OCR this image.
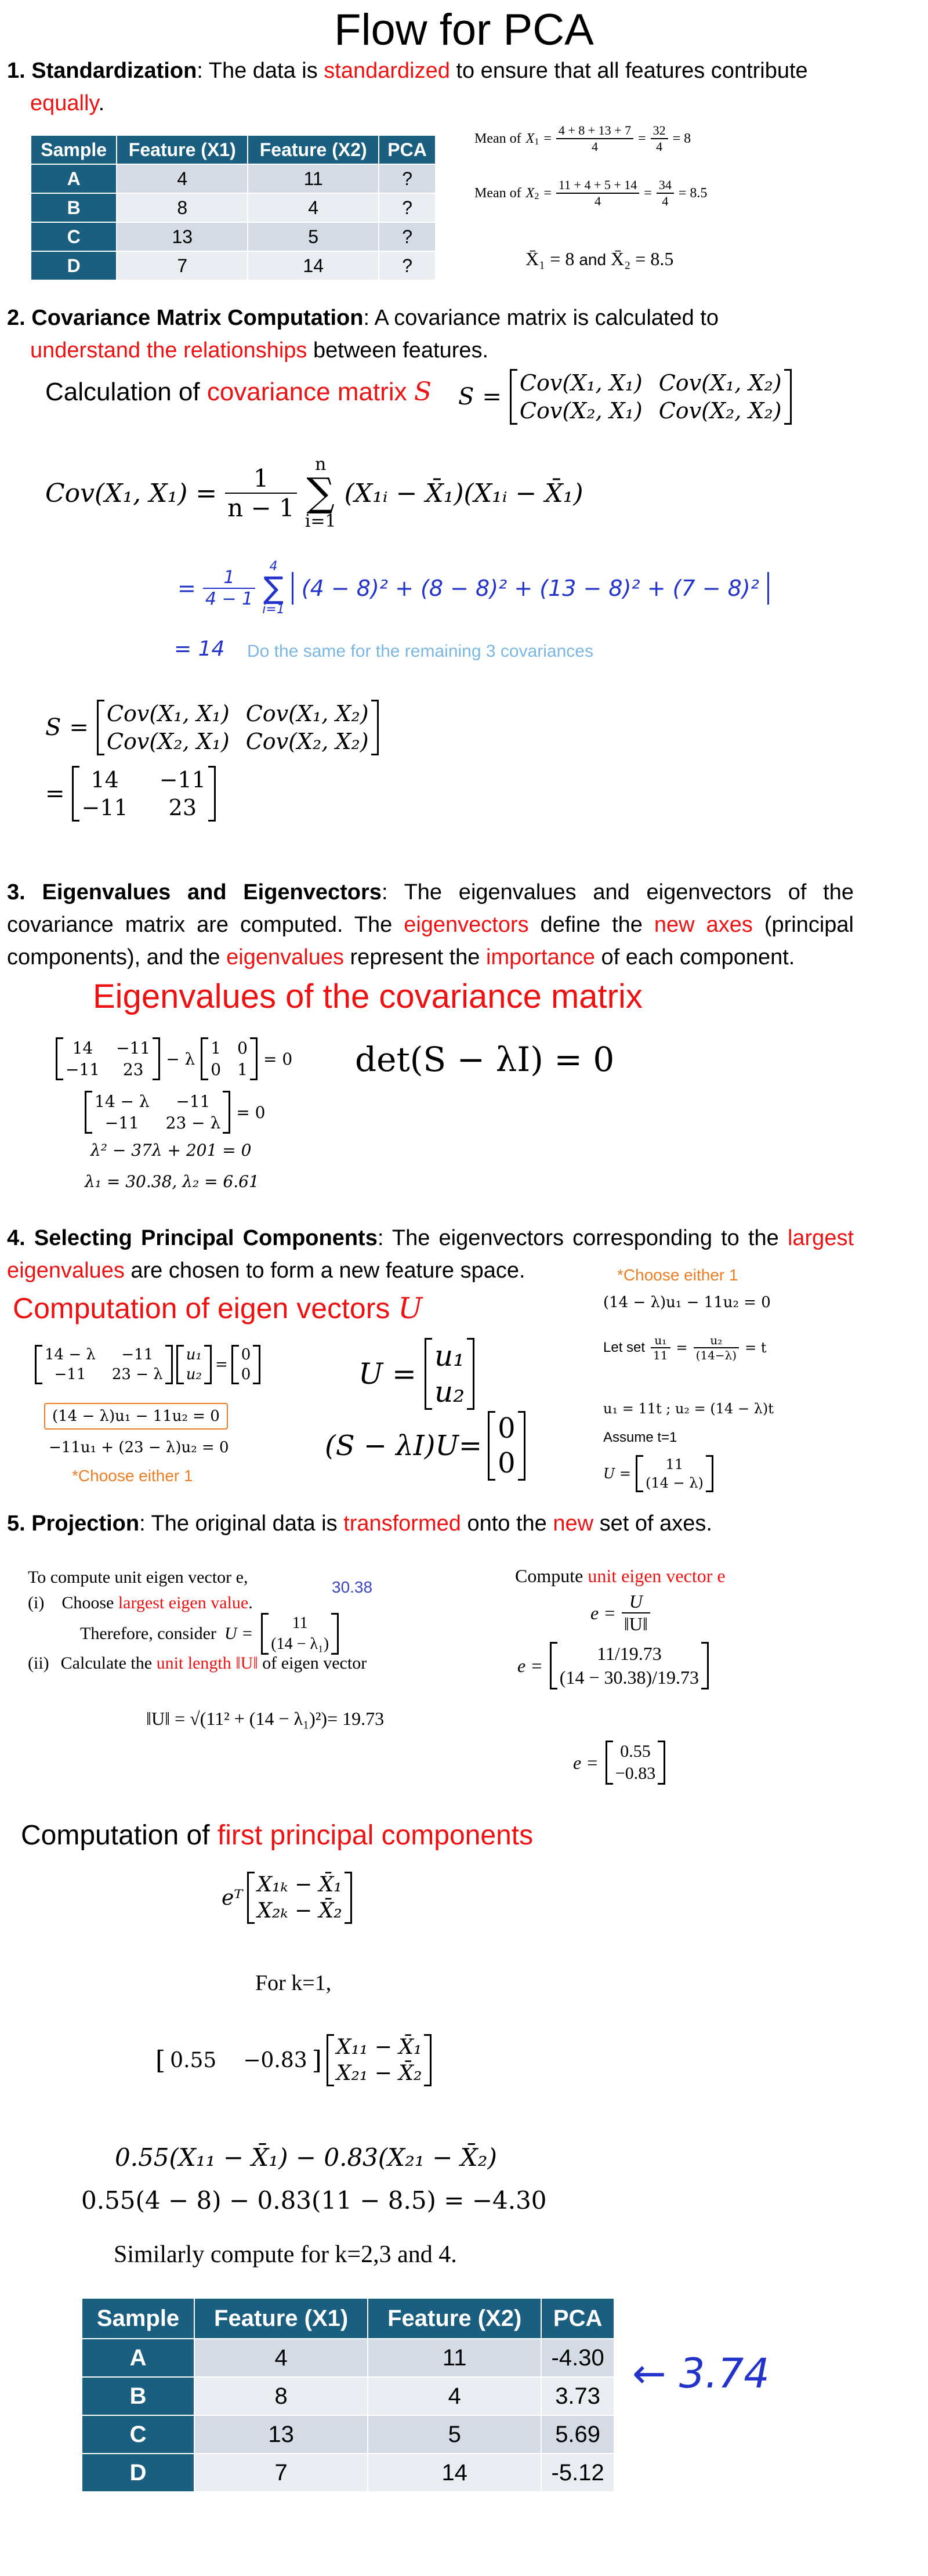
Flow for PCA
1. Standardization: The data is standardized to ensure that all features contribute
equally.
Sample	Feature (X1)	Feature (X2)	PCA
A	4	11	?
B	8	4	?
C	13	5	?
D	7	14	?
Mean of X $1 = \frac{4 + 8 + 13 + 7}{4} = \frac{32}{4} = 8$
Mean of X $2 = \frac{11 + 4 + 5 + 14}{4} = \frac{34}{4} = 8.5$
X̄₁ = 8 and X̄₂ = 8.5
2. Covariance Matrix Computation: A covariance matrix is calculated to
understand the relationships between features.
Calculation of covariance matrix S S =
Cov(X₁, X₁)	Cov(X₁, X₂)
Cov(X₂, X₁)	Cov(X₂, X₂)
Cov(X₁, $X_1) = \frac{1}{n - 1}$ n
∑
i=1
(X₁ᵢ − X̄₁)(X₁ᵢ − X̄₁)
= $\frac{1}{4 - 1}$
4
∑
i=1
(4 − 8)² + (8 − 8)² + (13 − 8)² + (7 − 8)²
= 14 Do the same for the remaining 3 covariances
S =
Cov(X₁, X₁)	Cov(X₁, X₂)
Cov(X₂, X₁)	Cov(X₂, X₂)
=
14	−11
−11	23
3. Eigenvalues and Eigenvectors: The eigenvalues and eigenvectors of the covariance matrix are computed. The eigenvectors define the new axes (principal components), and the eigenvalues represent the importance of each component.
Eigenvalues of the covariance matrix
14	−11
−11	23
− λ
1	0
0	1
= 0
14 − λ	−11
−11	23 − λ
= 0
λ² − 37λ + 201 = 0
λ₁ = 30.38, λ₂ = 6.61
det(S − λI) = 0
4. Selecting Principal Components: The eigenvectors corresponding to the largest eigenvalues are chosen to form a new feature space.
Computation of eigen vectors U
14 − λ	−11
−11	23 − λ
u₁
u₂
=
0
0
(14 − λ)u₁ − 11u₂ = 0
−11u₁ + (23 − λ)u₂ = 0
*Choose either 1
U =
u₁
u₂
(S − λI)U=
0
0
*Choose either 1
(14 − λ)u₁ − 11u₂ = 0
Let set $\frac{\text{u₁}}{11} = \frac{\text{u₂}}{(14-\lambda)} = t$
u₁ = 11t ; u₂ = (14 − λ)t
Assume t=1
U =
11
(14 − λ)
5. Projection: The original data is transformed onto the new set of axes.
To compute unit eigen vector e,
(i) Choose largest eigen value.
30.38
Therefore, consider U =
11
(14 − λ₁)
(ii) Calculate the unit length ‖U‖ of eigen vector
‖U‖ = √(11² + (14 − λ₁)²)= 19.73
Compute unit eigen vector e
$e = \frac{U}{‖U‖}$
e =
11/19.73
(14 − 30.38)/19.73
e =
0.55
−0.83
Computation of first principal components
eᵀ
X₁ₖ − X̄₁
X₂ₖ − X̄₂
For k=1,
[ 0.55 −0.83 ] X₁₁ − X̄₁
X₂₁ − X̄₂
0.55(X₁₁ − X̄₁) − 0.83(X₂₁ − X̄₂)
0.55(4 − 8) − 0.83(11 − 8.5) = −4.30
Similarly compute for k=2,3 and 4.
Sample	Feature (X1)	Feature (X2)	PCA
A	4	11	-4.30
B	8	4	3.73
C	13	5	5.69
D	7	14	-5.12
← 3.74
